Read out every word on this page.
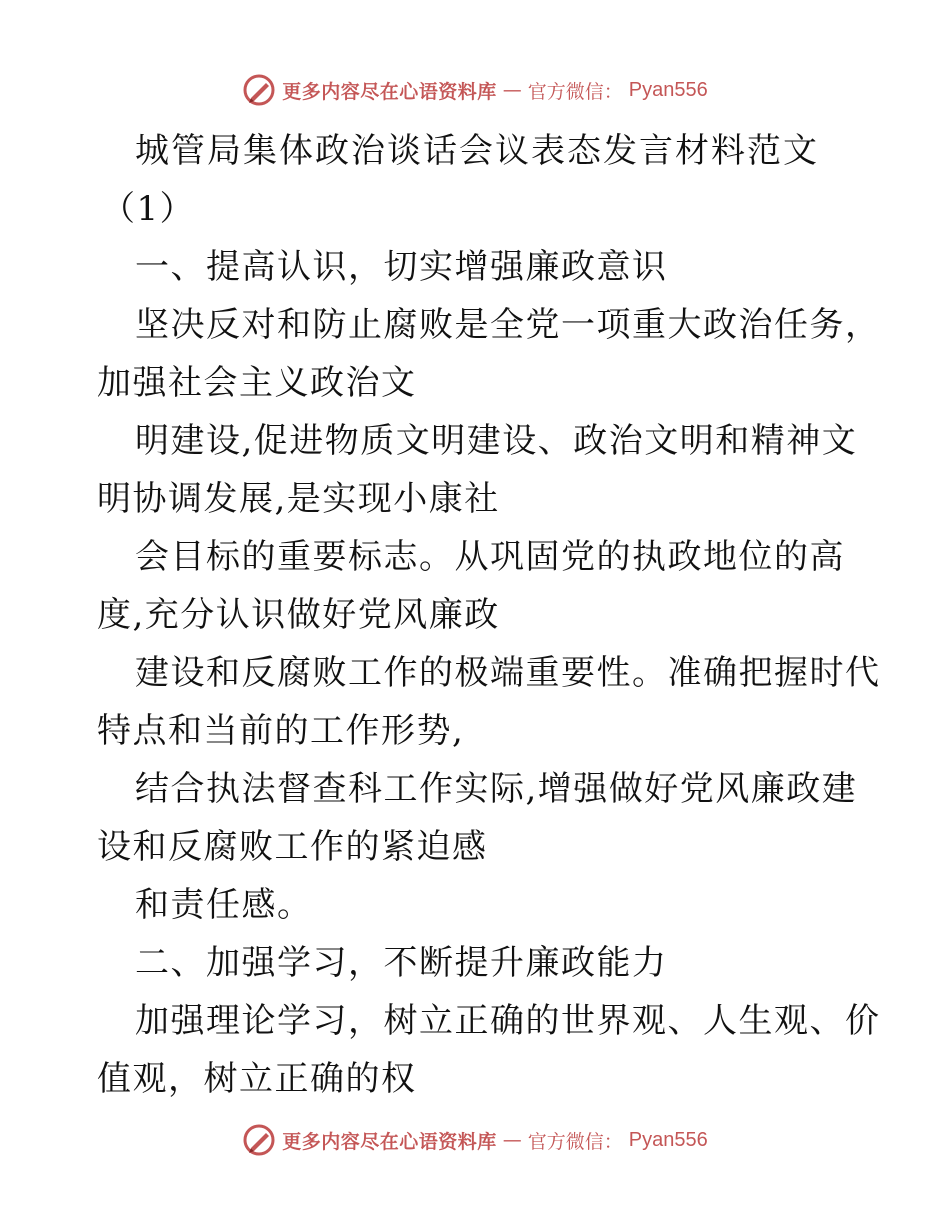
更多内容尽在心语资料库 — 官方微信： Pyan556
城管局集体政治谈话会议表态发言材料范文
（1）
一、提高认识，切实增强廉政意识
坚决反对和防止腐败是全党一项重大政治任务，
加强社会主义政治文
明建设,促进物质文明建设、政治文明和精神文
明协调发展,是实现小康社
会目标的重要标志。从巩固党的执政地位的高
度,充分认识做好党风廉政
建设和反腐败工作的极端重要性。准确把握时代
特点和当前的工作形势,
结合执法督查科工作实际,增强做好党风廉政建
设和反腐败工作的紧迫感
和责任感。
二、加强学习，不断提升廉政能力
加强理论学习，树立正确的世界观、人生观、价
值观，树立正确的权
更多内容尽在心语资料库 — 官方微信： Pyan556
